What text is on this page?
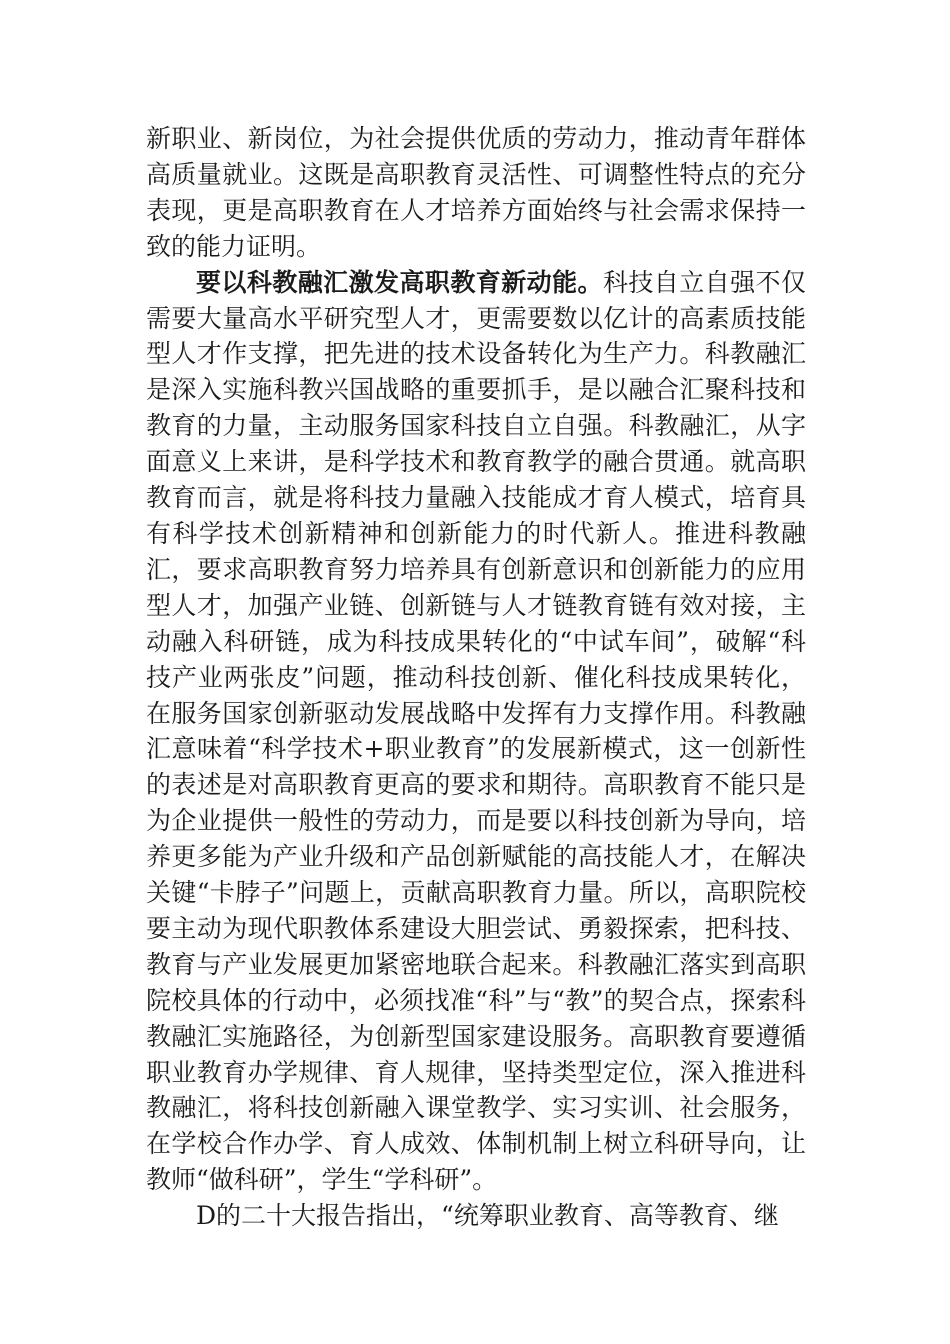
新职业、新岗位，为社会提供优质的劳动力，推动青年群体高质量就业。这既是高职教育灵活性、可调整性特点的充分表现，更是高职教育在人才培养方面始终与社会需求保持一致的能力证明。

要以科教融汇激发高职教育新动能。科技自立自强不仅需要大量高水平研究型人才，更需要数以亿计的高素质技能型人才作支撑，把先进的技术设备转化为生产力。科教融汇是深入实施科教兴国战略的重要抓手，是以融合汇聚科技和教育的力量，主动服务国家科技自立自强。科教融汇，从字面意义上来讲，是科学技术和教育教学的融合贯通。就高职教育而言，就是将科技力量融入技能成才育人模式，培育具有科学技术创新精神和创新能力的时代新人。推进科教融汇，要求高职教育努力培养具有创新意识和创新能力的应用型人才，加强产业链、创新链与人才链教育链有效对接，主动融入科研链，成为科技成果转化的“中试车间”，破解“科技产业两张皮”问题，推动科技创新、催化科技成果转化，在服务国家创新驱动发展战略中发挥有力支撑作用。科教融汇意味着“科学技术+职业教育”的发展新模式，这一创新性的表述是对高职教育更高的要求和期待。高职教育不能只是为企业提供一般性的劳动力，而是要以科技创新为导向，培养更多能为产业升级和产品创新赋能的高技能人才，在解决关键“卡脖子”问题上，贡献高职教育力量。所以，高职院校要主动为现代职教体系建设大胆尝试、勇毅探索，把科技、教育与产业发展更加紧密地联合起来。科教融汇落实到高职院校具体的行动中，必须找准“科”与“教”的契合点，探索科教融汇实施路径，为创新型国家建设服务。高职教育要遵循职业教育办学规律、育人规律，坚持类型定位，深入推进科教融汇，将科技创新融入课堂教学、实习实训、社会服务，在学校合作办学、育人成效、体制机制上树立科研导向，让教师“做科研”，学生“学科研”。

D的二十大报告指出，“统筹职业教育、高等教育、继
